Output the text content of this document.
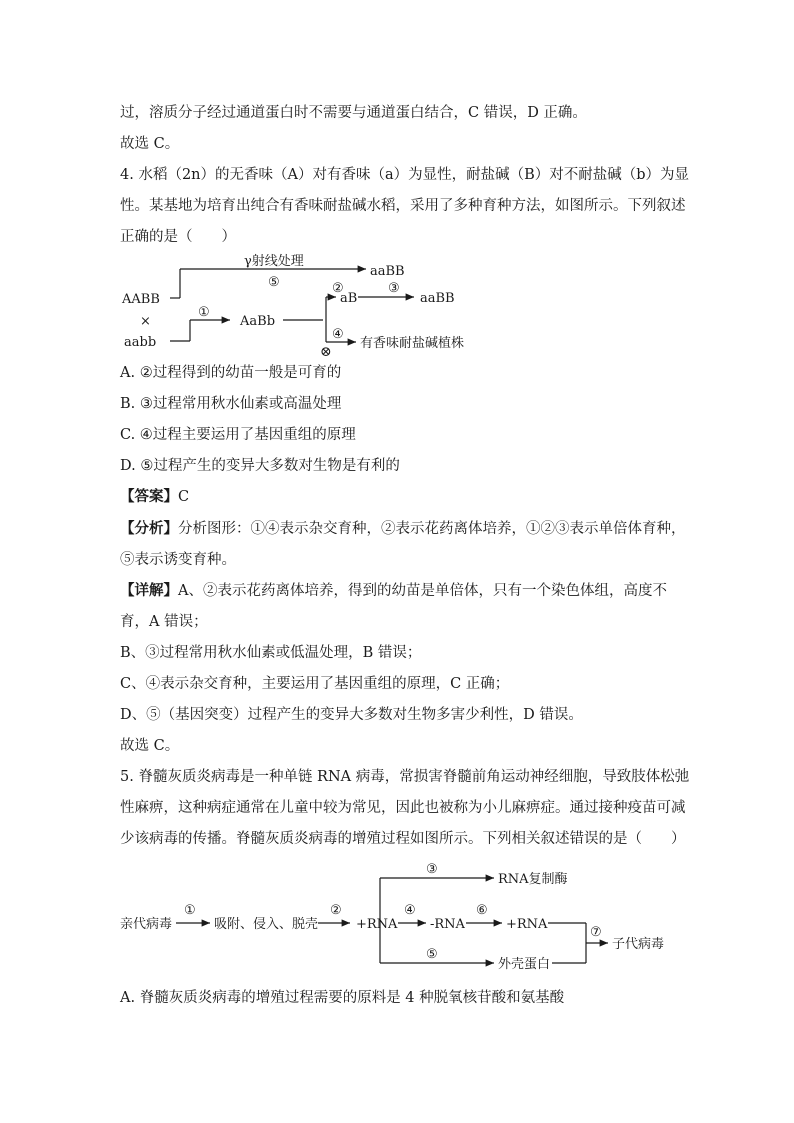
过，溶质分子经过通道蛋白时不需要与通道蛋白结合，C 错误，D 正确。
故选 C。
4. 水稻（2n）的无香味（A）对有香味（a）为显性，耐盐碱（B）对不耐盐碱（b）为显
性。某基地为培育出纯合有香味耐盐碱水稻，采用了多种育种方法，如图所示。下列叙述
正确的是（　　）
γ射线处理
⑤
aaBB
AABB
×
aabb
①
AaBb
②
aB
③
aaBB
④
⊗
有香味耐盐碱植株
A. ②过程得到的幼苗一般是可育的
B. ③过程常用秋水仙素或高温处理
C. ④过程主要运用了基因重组的原理
D. ⑤过程产生的变异大多数对生物是有利的
【答案】C
【分析】分析图形：①④表示杂交育种，②表示花药离体培养，①②③表示单倍体育种，
⑤表示诱变育种。
【详解】A、②表示花药离体培养，得到的幼苗是单倍体，只有一个染色体组，高度不
育，A 错误；
B、③过程常用秋水仙素或低温处理，B 错误；
C、④表示杂交育种，主要运用了基因重组的原理，C 正确；
D、⑤（基因突变）过程产生的变异大多数对生物多害少利性，D 错误。
故选 C。
5. 脊髓灰质炎病毒是一种单链 RNA 病毒，常损害脊髓前角运动神经细胞，导致肢体松弛
性麻痹，这种病症通常在儿童中较为常见，因此也被称为小儿麻痹症。通过接种疫苗可减
少该病毒的传播。脊髓灰质炎病毒的增殖过程如图所示。下列相关叙述错误的是（　　）
亲代病毒
①
吸附、侵入、脱壳
②
+RNA
④
-RNA
⑥
+RNA
③
RNA复制酶
⑤
外壳蛋白
⑦
子代病毒
A. 脊髓灰质炎病毒的增殖过程需要的原料是 4 种脱氧核苷酸和氨基酸
